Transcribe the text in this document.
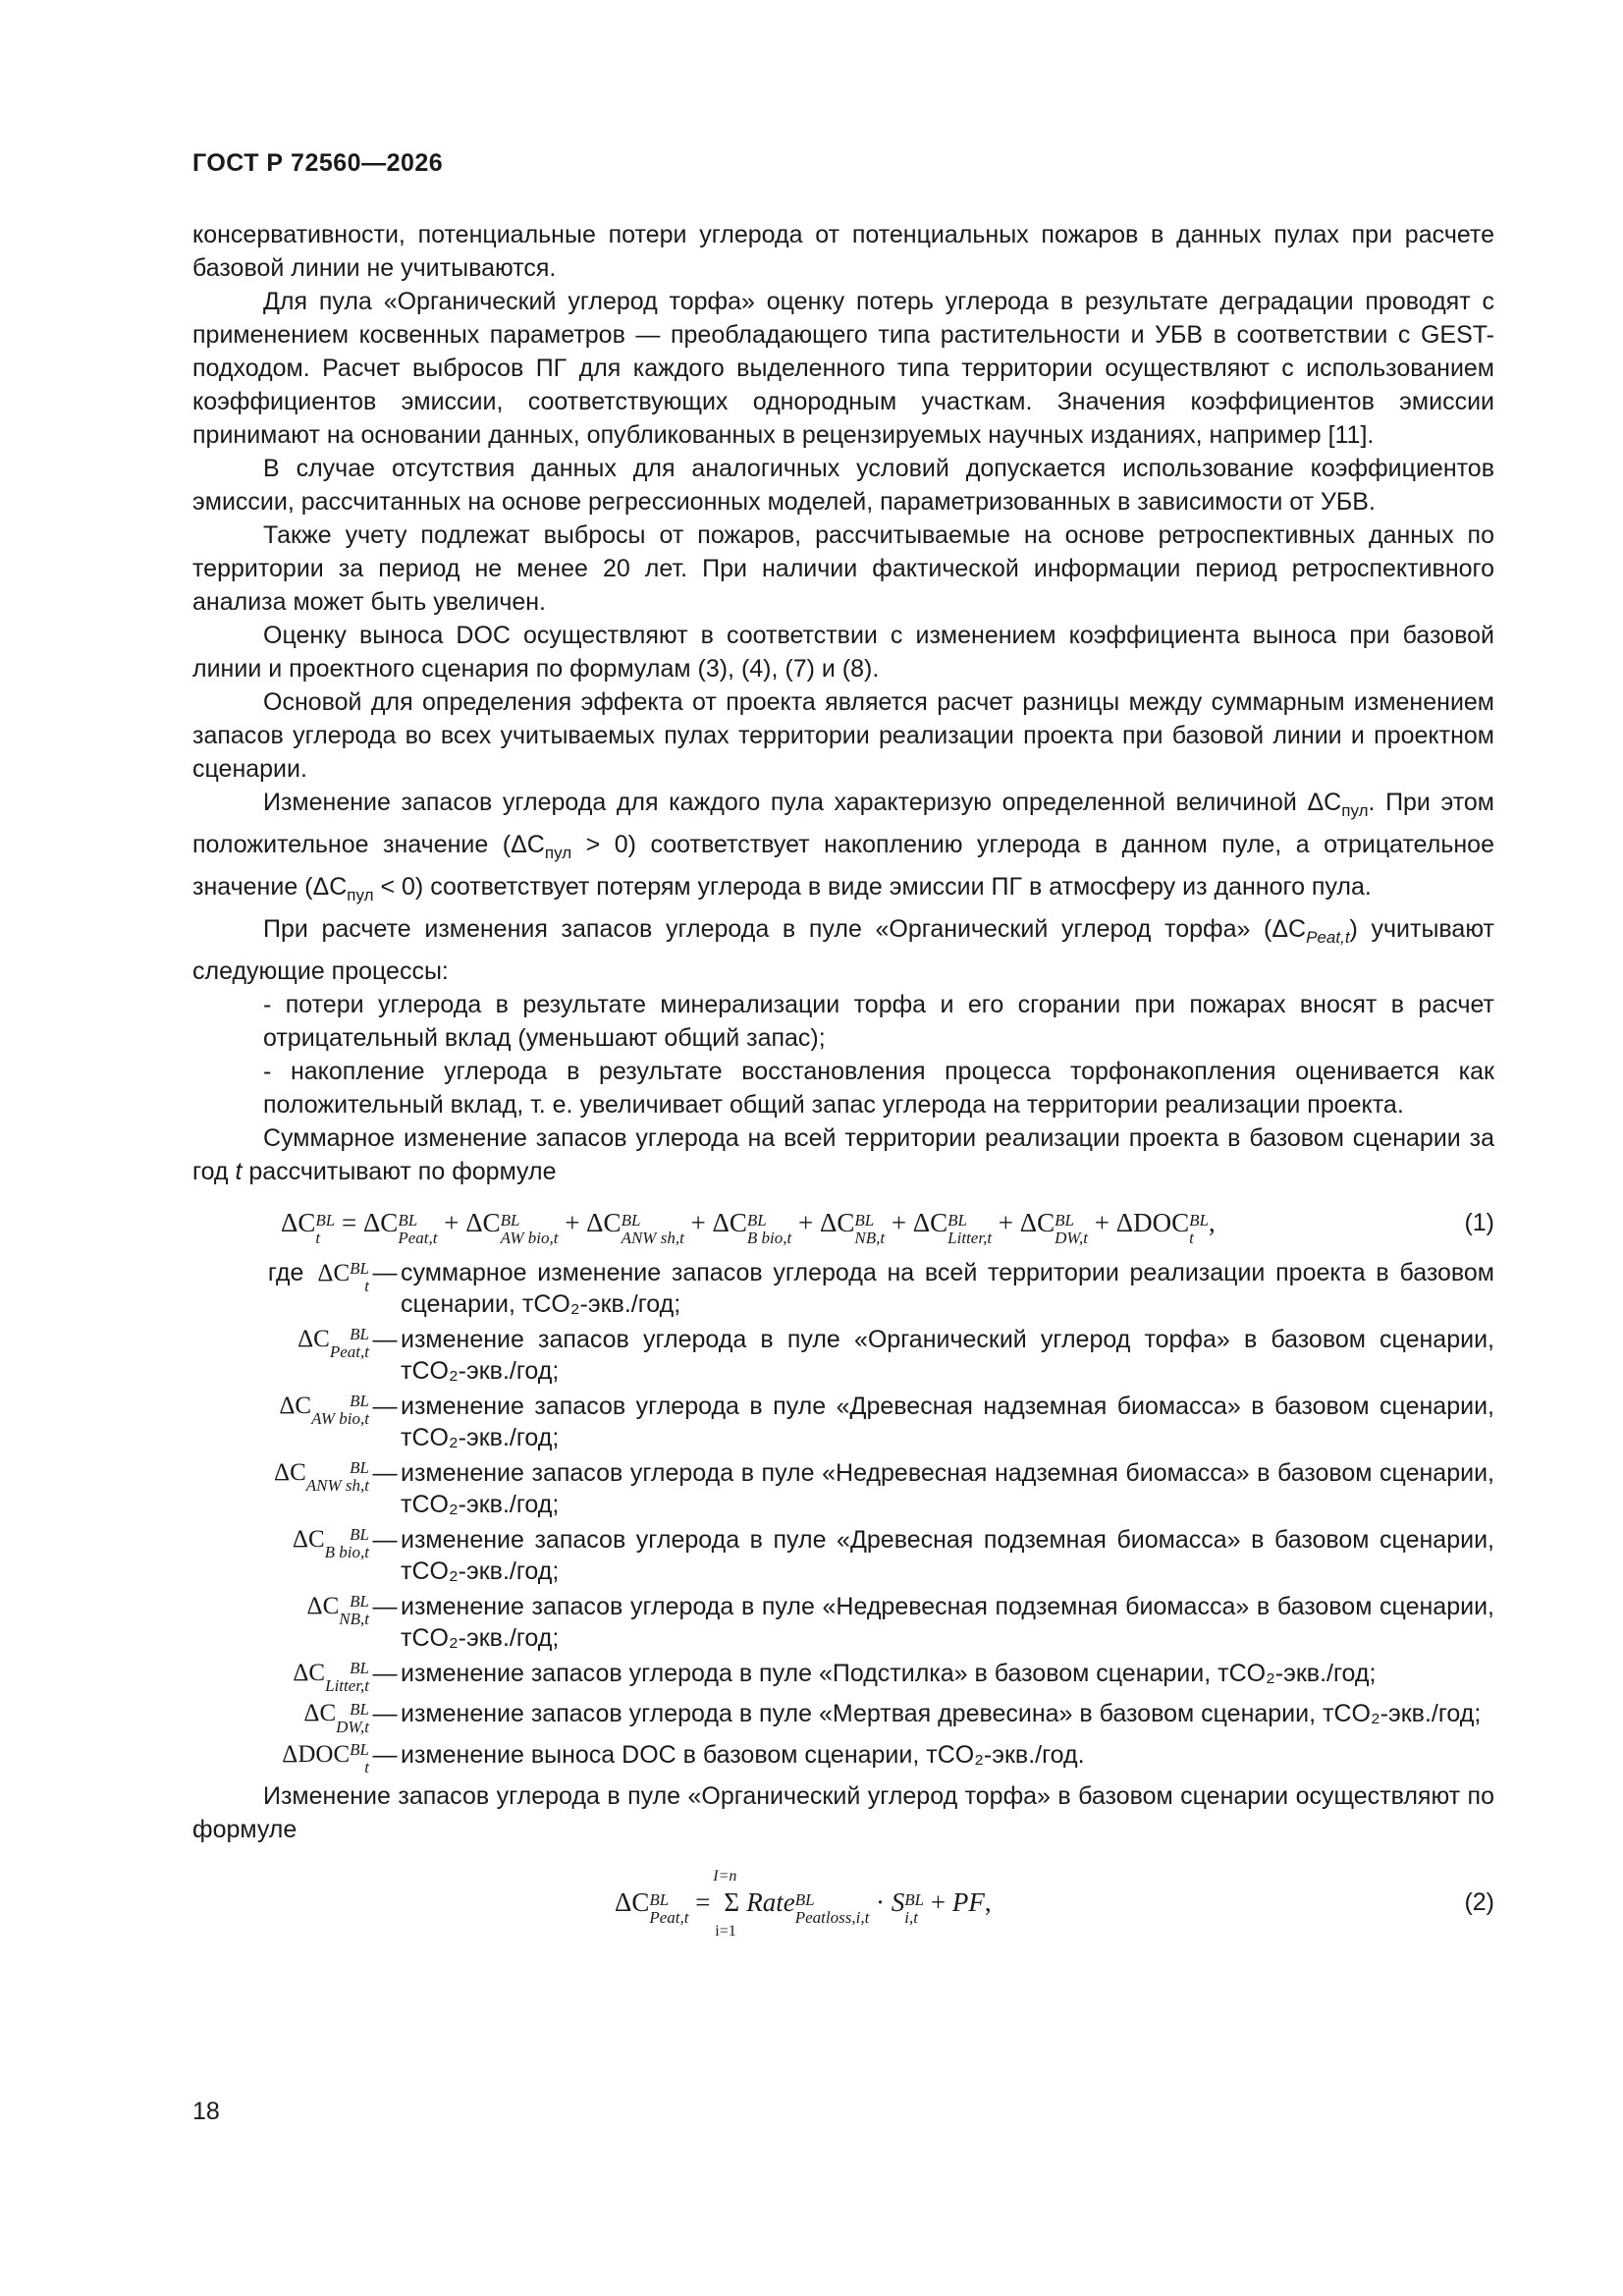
ГОСТ Р 72560—2026

консервативности, потенциальные потери углерода от потенциальных пожаров в данных пулах при расчете базовой линии не учитываются.

Для пула «Органический углерод торфа» оценку потерь углерода в результате деградации проводят с применением косвенных параметров — преобладающего типа растительности и УБВ в соответствии с GEST-подходом. Расчет выбросов ПГ для каждого выделенного типа территории осуществляют с использованием коэффициентов эмиссии, соответствующих однородным участкам. Значения коэффициентов эмиссии принимают на основании данных, опубликованных в рецензируемых научных изданиях, например [11].

В случае отсутствия данных для аналогичных условий допускается использование коэффициентов эмиссии, рассчитанных на основе регрессионных моделей, параметризованных в зависимости от УБВ.

Также учету подлежат выбросы от пожаров, рассчитываемые на основе ретроспективных данных по территории за период не менее 20 лет. При наличии фактической информации период ретроспективного анализа может быть увеличен.

Оценку выноса DOC осуществляют в соответствии с изменением коэффициента выноса при базовой линии и проектного сценария по формулам (3), (4), (7) и (8).

Основой для определения эффекта от проекта является расчет разницы между суммарным изменением запасов углерода во всех учитываемых пулах территории реализации проекта при базовой линии и проектном сценарии.

Изменение запасов углерода для каждого пула характеризую определенной величиной $\Delta C_{пул}$. При этом положительное значение $(\Delta C_{пул} > 0)$ соответствует накоплению углерода в данном пуле, а отрицательное значение $(\Delta C_{пул} < 0)$ соответствует потерям углерода в виде эмиссии ПГ в атмосферу из данного пула.

При расчете изменения запасов углерода в пуле «Органический углерод торфа» $(\Delta C_{Peat,t})$ учитывают следующие процессы:

- потери углерода в результате минерализации торфа и его сгорании при пожарах вносят в расчет отрицательный вклад (уменьшают общий запас);

- накопление углерода в результате восстановления процесса торфонакопления оценивается как положительный вклад, т. е. увеличивает общий запас углерода на территории реализации проекта.

Суммарное изменение запасов углерода на всей территории реализации проекта в базовом сценарии за год t рассчитывают по формуле

ΔC BL
t
= ΔC BL
Peat,t
+ ΔC BL
AW bio,t
+ ΔC BL
ANW sh,t
+ ΔC BL
B bio,t
+ ΔC BL
NB,t
+ ΔC BL
Litter,t
+ ΔC BL
DW,t
+ ΔDOC BL
t
,	(1)
где ΔC BL
t — суммарное изменение запасов углерода на всей территории реализации проекта в базовом сценарии, тCO₂-экв./год;
ΔC	BL
Peat,t — изменение запасов углерода в пуле «Органический углерод торфа» в базовом сценарии, тCO₂-экв./год;
ΔC	BL
AW bio,t — изменение запасов углерода в пуле «Древесная надземная биомасса» в базовом сценарии, тCO₂-экв./год;
ΔC	BL
ANW sh,t — изменение запасов углерода в пуле «Недревесная надземная биомасса» в базовом сценарии, тCO₂-экв./год;
ΔC	BL
B bio,t — изменение запасов углерода в пуле «Древесная подземная биомасса» в базовом сценарии, тCO₂-экв./год;
ΔC BL
NB,t — изменение запасов углерода в пуле «Недревесная подземная биомасса» в базовом сценарии, тCO₂-экв./год;
ΔC	BL
Litter,t — изменение запасов углерода в пуле «Подстилка» в базовом сценарии, тCO₂-экв./год;
ΔC BL
DW,t — изменение запасов углерода в пуле «Мертвая древесина» в базовом сценарии, тCO₂-экв./год;
ΔDOC BL
t — изменение выноса DOC в базовом сценарии, тCO₂-экв./год.

Изменение запасов углерода в пуле «Органический углерод торфа» в базовом сценарии осуществляют по формуле

ΔC BL
Peat,t
=
I=n
Σ
i=1
Rate BL
Peatloss,i,t
· S BL
i,t
+ PF,	(2)
18
